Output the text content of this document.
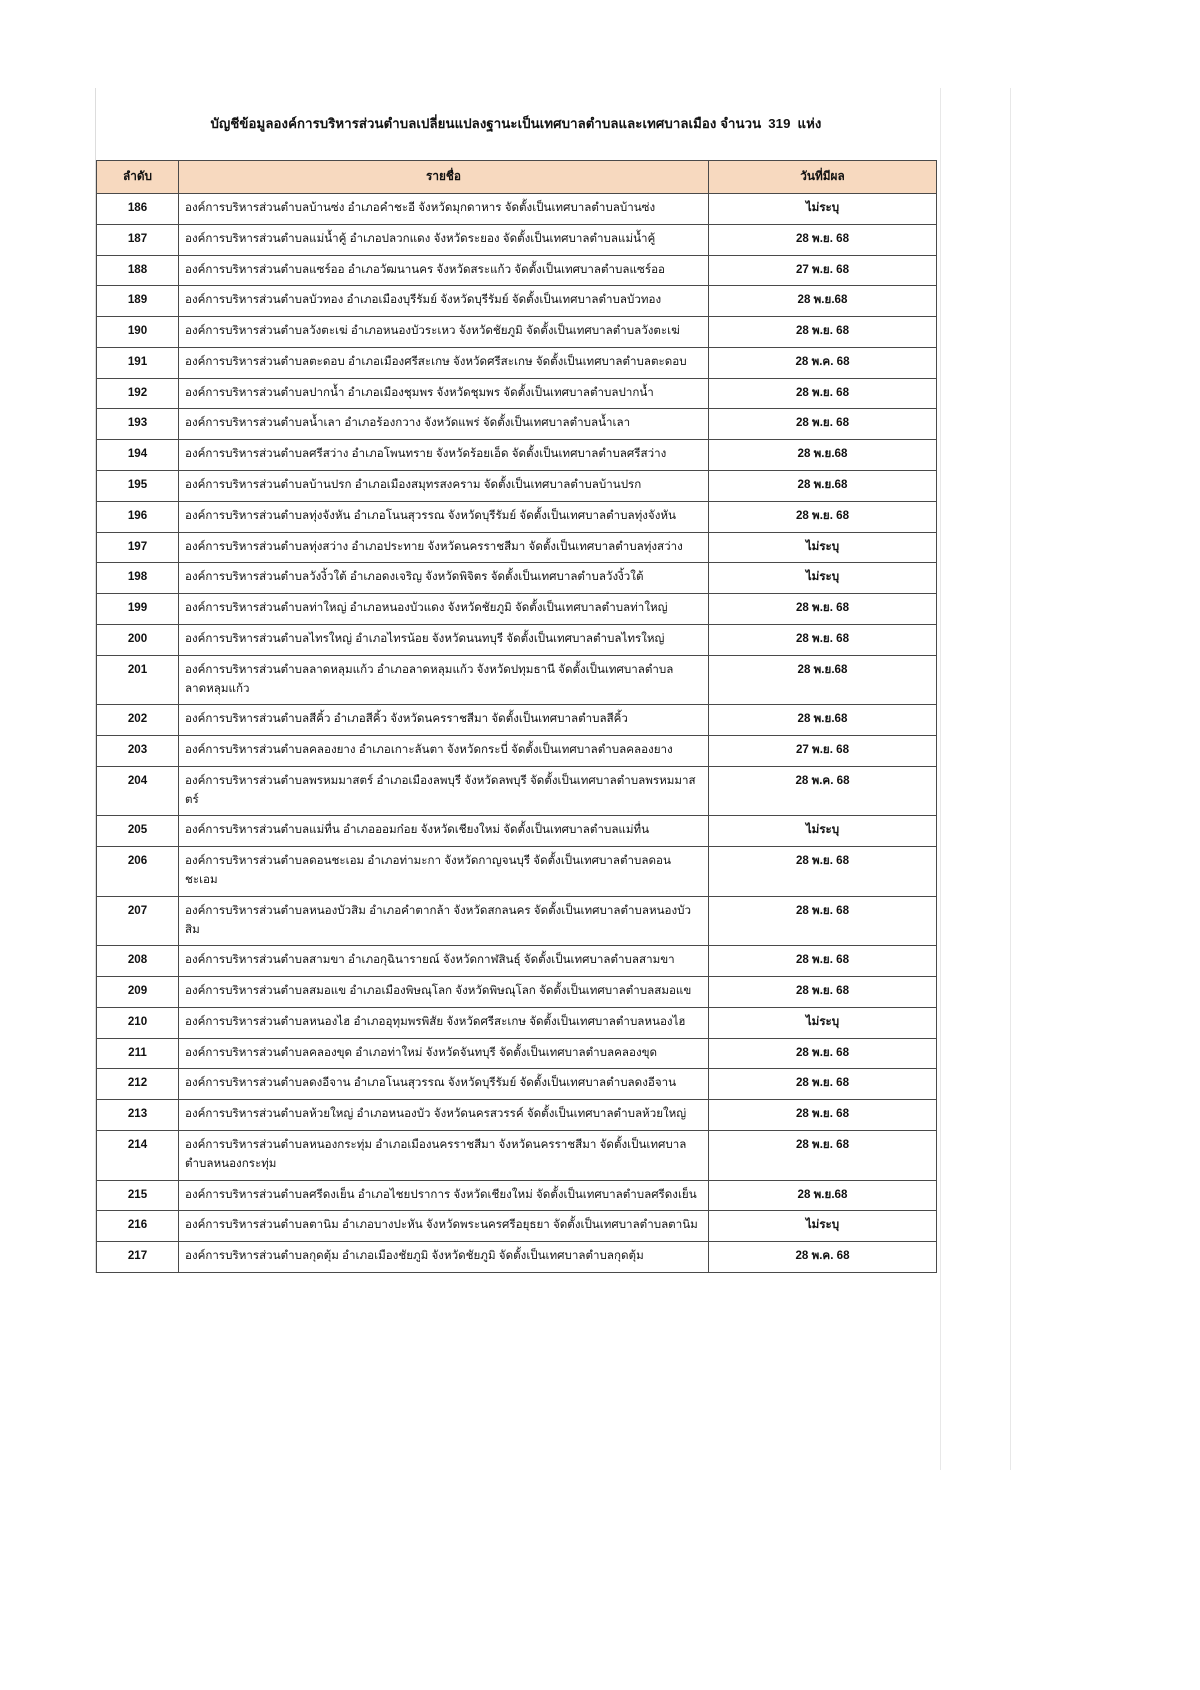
บัญชีข้อมูลองค์การบริหารส่วนตำบลเปลี่ยนแปลงฐานะเป็นเทศบาลตำบลและเทศบาลเมือง จำนวน 319 แห่ง
ลำดับ	รายชื่อ	วันที่มีผล
186	องค์การบริหารส่วนตำบลบ้านซ่ง อำเภอคำชะอี จังหวัดมุกดาหาร จัดตั้งเป็นเทศบาลตำบลบ้านซ่ง	ไม่ระบุ
187	องค์การบริหารส่วนตำบลแม่น้ำคู้ อำเภอปลวกแดง จังหวัดระยอง จัดตั้งเป็นเทศบาลตำบลแม่น้ำคู้	28 พ.ย. 68
188	องค์การบริหารส่วนตำบลแซร์ออ อำเภอวัฒนานคร จังหวัดสระแก้ว จัดตั้งเป็นเทศบาลตำบลแซร์ออ	27 พ.ย. 68
189	องค์การบริหารส่วนตำบลบัวทอง อำเภอเมืองบุรีรัมย์ จังหวัดบุรีรัมย์ จัดตั้งเป็นเทศบาลตำบลบัวทอง	28 พ.ย.68
190	องค์การบริหารส่วนตำบลวังตะเฆ่ อำเภอหนองบัวระเหว จังหวัดชัยภูมิ จัดตั้งเป็นเทศบาลตำบลวังตะเฆ่	28 พ.ย. 68
191	องค์การบริหารส่วนตำบลตะดอบ อำเภอเมืองศรีสะเกษ จังหวัดศรีสะเกษ จัดตั้งเป็นเทศบาลตำบลตะดอบ	28 พ.ค. 68
192	องค์การบริหารส่วนตำบลปากน้ำ อำเภอเมืองชุมพร จังหวัดชุมพร จัดตั้งเป็นเทศบาลตำบลปากน้ำ	28 พ.ย. 68
193	องค์การบริหารส่วนตำบลน้ำเลา อำเภอร้องกวาง จังหวัดแพร่ จัดตั้งเป็นเทศบาลตำบลน้ำเลา	28 พ.ย. 68
194	องค์การบริหารส่วนตำบลศรีสว่าง อำเภอโพนทราย จังหวัดร้อยเอ็ด จัดตั้งเป็นเทศบาลตำบลศรีสว่าง	28 พ.ย.68
195	องค์การบริหารส่วนตำบลบ้านปรก อำเภอเมืองสมุทรสงคราม จัดตั้งเป็นเทศบาลตำบลบ้านปรก	28 พ.ย.68
196	องค์การบริหารส่วนตำบลทุ่งจังหัน อำเภอโนนสุวรรณ จังหวัดบุรีรัมย์ จัดตั้งเป็นเทศบาลตำบลทุ่งจังหัน	28 พ.ย. 68
197	องค์การบริหารส่วนตำบลทุ่งสว่าง อำเภอประทาย จังหวัดนครราชสีมา จัดตั้งเป็นเทศบาลตำบลทุ่งสว่าง	ไม่ระบุ
198	องค์การบริหารส่วนตำบลวังงิ้วใต้ อำเภอดงเจริญ จังหวัดพิจิตร จัดตั้งเป็นเทศบาลตำบลวังงิ้วใต้	ไม่ระบุ
199	องค์การบริหารส่วนตำบลท่าใหญ่ อำเภอหนองบัวแดง จังหวัดชัยภูมิ จัดตั้งเป็นเทศบาลตำบลท่าใหญ่	28 พ.ย. 68
200	องค์การบริหารส่วนตำบลไทรใหญ่ อำเภอไทรน้อย จังหวัดนนทบุรี จัดตั้งเป็นเทศบาลตำบลไทรใหญ่	28 พ.ย. 68
201	องค์การบริหารส่วนตำบลลาดหลุมแก้ว อำเภอลาดหลุมแก้ว จังหวัดปทุมธานี จัดตั้งเป็นเทศบาลตำบลลาดหลุมแก้ว	28 พ.ย.68
202	องค์การบริหารส่วนตำบลสีคิ้ว อำเภอสีคิ้ว จังหวัดนครราชสีมา จัดตั้งเป็นเทศบาลตำบลสีคิ้ว	28 พ.ย.68
203	องค์การบริหารส่วนตำบลคลองยาง อำเภอเกาะลันตา จังหวัดกระบี่ จัดตั้งเป็นเทศบาลตำบลคลองยาง	27 พ.ย. 68
204	องค์การบริหารส่วนตำบลพรหมมาสตร์ อำเภอเมืองลพบุรี จังหวัดลพบุรี จัดตั้งเป็นเทศบาลตำบลพรหมมาสตร์	28 พ.ค. 68
205	องค์การบริหารส่วนตำบลแม่ทื่น อำเภอออมก๋อย จังหวัดเชียงใหม่ จัดตั้งเป็นเทศบาลตำบลแม่ทื่น	ไม่ระบุ
206	องค์การบริหารส่วนตำบลดอนชะเอม อำเภอท่ามะกา จังหวัดกาญจนบุรี จัดตั้งเป็นเทศบาลตำบลดอนชะเอม	28 พ.ย. 68
207	องค์การบริหารส่วนตำบลหนองบัวสิม อำเภอคำตากล้า จังหวัดสกลนคร จัดตั้งเป็นเทศบาลตำบลหนองบัวสิม	28 พ.ย. 68
208	องค์การบริหารส่วนตำบลสามขา อำเภอกุฉินารายณ์ จังหวัดกาฬสินธุ์ จัดตั้งเป็นเทศบาลตำบลสามขา	28 พ.ย. 68
209	องค์การบริหารส่วนตำบลสมอแข อำเภอเมืองพิษณุโลก จังหวัดพิษณุโลก จัดตั้งเป็นเทศบาลตำบลสมอแข	28 พ.ย. 68
210	องค์การบริหารส่วนตำบลหนองไฮ อำเภออุทุมพรพิสัย จังหวัดศรีสะเกษ จัดตั้งเป็นเทศบาลตำบลหนองไฮ	ไม่ระบุ
211	องค์การบริหารส่วนตำบลคลองขุด อำเภอท่าใหม่ จังหวัดจันทบุรี จัดตั้งเป็นเทศบาลตำบลคลองขุด	28 พ.ย. 68
212	องค์การบริหารส่วนตำบลดงอีจาน อำเภอโนนสุวรรณ จังหวัดบุรีรัมย์ จัดตั้งเป็นเทศบาลตำบลดงอีจาน	28 พ.ย. 68
213	องค์การบริหารส่วนตำบลห้วยใหญ่ อำเภอหนองบัว จังหวัดนครสวรรค์ จัดตั้งเป็นเทศบาลตำบลห้วยใหญ่	28 พ.ย. 68
214	องค์การบริหารส่วนตำบลหนองกระทุ่ม อำเภอเมืองนครราชสีมา จังหวัดนครราชสีมา จัดตั้งเป็นเทศบาลตำบลหนองกระทุ่ม	28 พ.ย. 68
215	องค์การบริหารส่วนตำบลศรีดงเย็น อำเภอไชยปราการ จังหวัดเชียงใหม่ จัดตั้งเป็นเทศบาลตำบลศรีดงเย็น	28 พ.ย.68
216	องค์การบริหารส่วนตำบลตานิม อำเภอบางปะหัน จังหวัดพระนครศรีอยุธยา จัดตั้งเป็นเทศบาลตำบลตานิม	ไม่ระบุ
217	องค์การบริหารส่วนตำบลกุดตุ้ม อำเภอเมืองชัยภูมิ จังหวัดชัยภูมิ จัดตั้งเป็นเทศบาลตำบลกุดตุ้ม	28 พ.ค. 68
